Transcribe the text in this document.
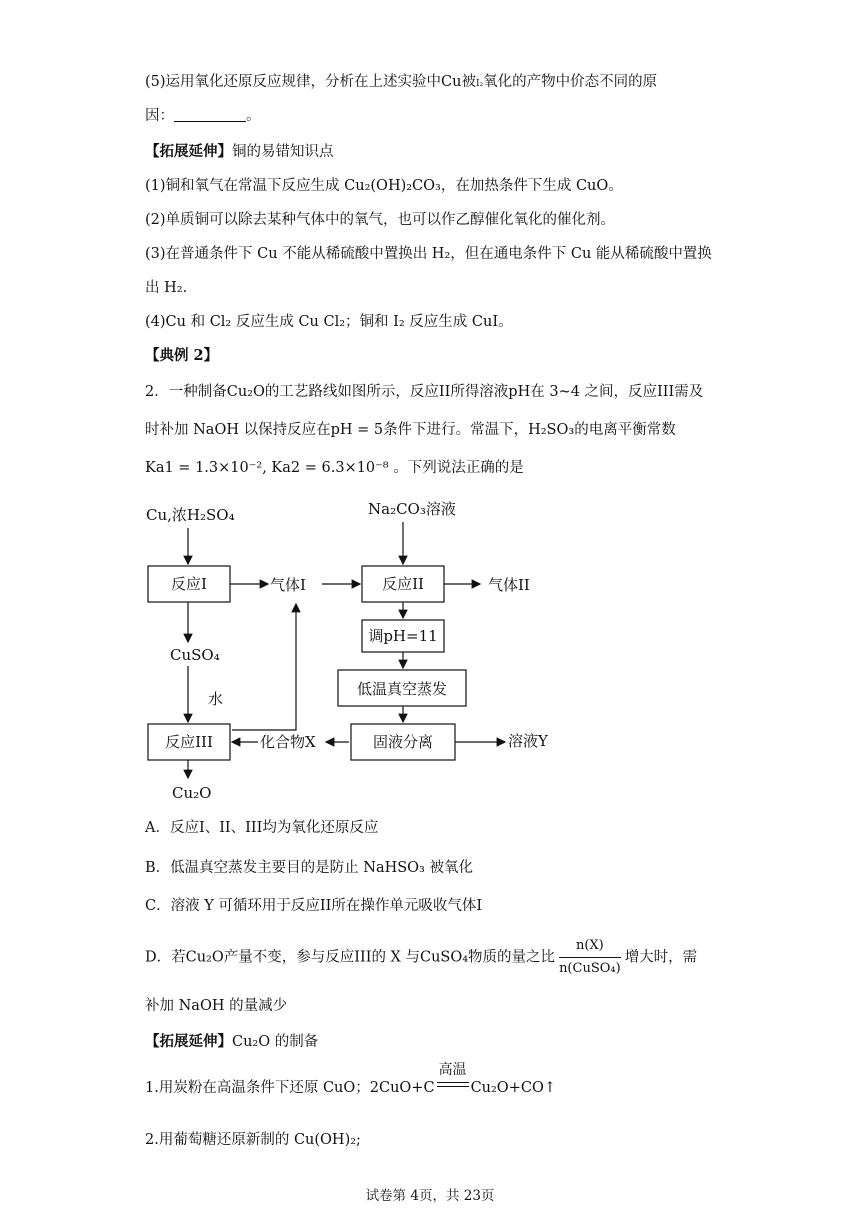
(5)运用氧化还原反应规律，分析在上述实验中Cu被I₂氧化的产物中价态不同的原
因：	。
【拓展延伸】铜的易错知识点
(1)铜和氧气在常温下反应生成 Cu₂(OH)₂CO₃，在加热条件下生成 CuO。
(2)单质铜可以除去某种气体中的氧气，也可以作乙醇催化氧化的催化剂。
(3)在普通条件下 Cu 不能从稀硫酸中置换出 H₂，但在通电条件下 Cu 能从稀硫酸中置换
出 H₂.
(4)Cu 和 Cl₂ 反应生成 Cu Cl₂；铜和 I₂ 反应生成 CuI。
【典例 2】
2．一种制备Cu₂O的工艺路线如图所示，反应II所得溶液pH在 3~4 之间，反应III需及
时补加 NaOH 以保持反应在pH = 5条件下进行。常温下，H₂SO₃的电离平衡常数
Ka1 = 1.3×10⁻², Ka2 = 6.3×10⁻⁸ 。下列说法正确的是
Cu,浓H₂SO₄	Na₂CO₃溶液
反应I	气体I	反应II	气体II
调pH=11
低温真空蒸发
CuSO₄
水
反应III	化合物X	固液分离	溶液Y
Cu₂O
A．反应I、II、III均为氧化还原反应
B．低温真空蒸发主要目的是防止 NaHSO₃ 被氧化
C．溶液 Y 可循环用于反应II所在操作单元吸收气体I
D．若Cu₂O产量不变，参与反应III的 X 与CuSO₄物质的量之比 $\frac{n(X)}{\text{n(CuSO₄)}}$ 增大时，需
补加 NaOH 的量减少
【拓展延伸】Cu₂O 的制备
1.用炭粉在高温条件下还原 CuO；2CuO+C
高温
Cu₂O+CO↑
2.用葡萄糖还原新制的 Cu(OH)₂;
试卷第 4页，共 23页
